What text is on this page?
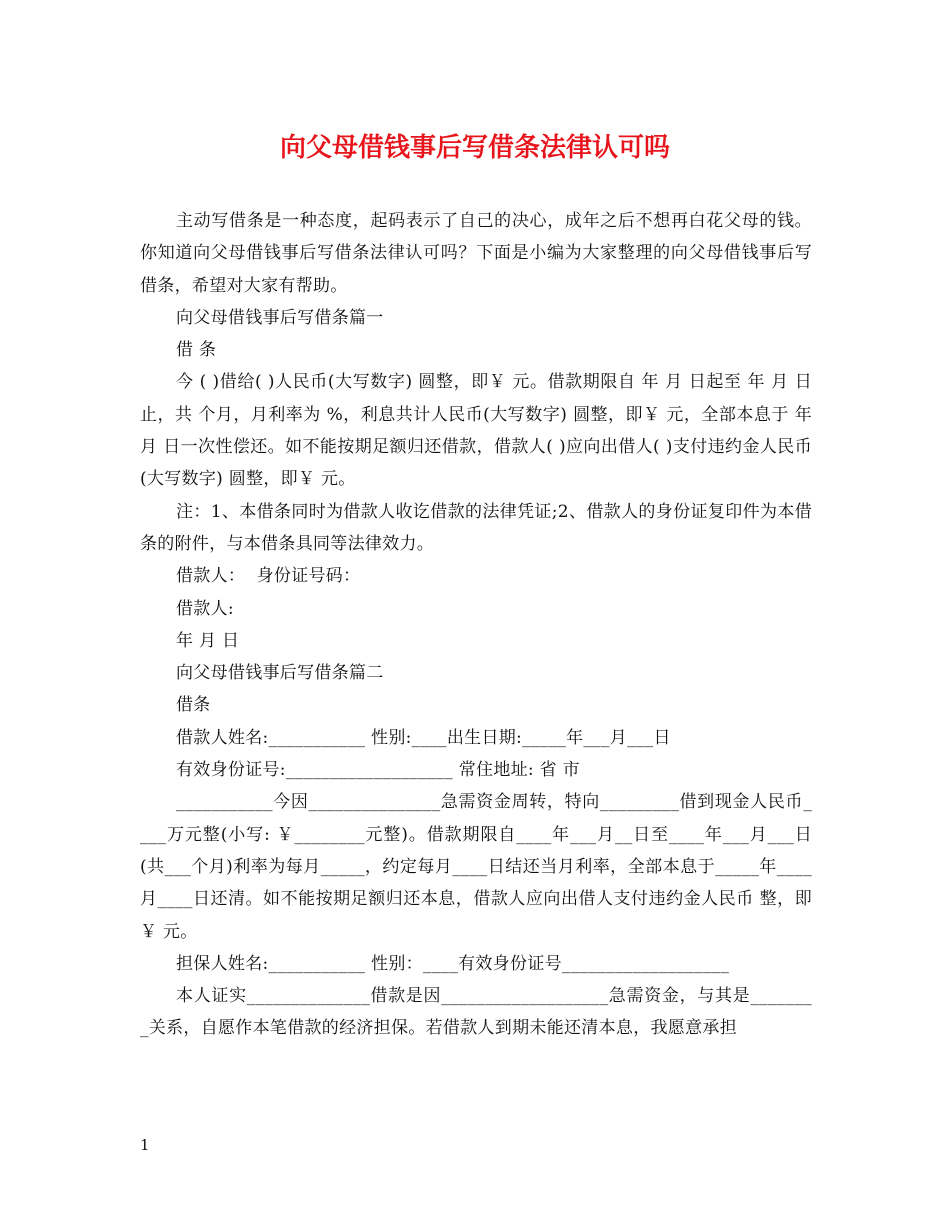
向父母借钱事后写借条法律认可吗

主动写借条是一种态度，起码表示了自己的决心，成年之后不想再白花父母的钱。你知道向父母借钱事后写借条法律认可吗？下面是小编为大家整理的向父母借钱事后写借条，希望对大家有帮助。

向父母借钱事后写借条篇一

借 条

今 ( )借给( )人民币(大写数字) 圆整，即￥ 元。借款期限自 年 月 日起至 年 月 日止，共 个月，月利率为 %，利息共计人民币(大写数字) 圆整，即￥ 元，全部本息于 年 月 日一次性偿还。如不能按期足额归还借款，借款人( )应向出借人( )支付违约金人民币(大写数字) 圆整，即￥ 元。

注：1、本借条同时为借款人收讫借款的法律凭证;2、借款人的身份证复印件为本借条的附件，与本借条具同等法律效力。

借款人：  身份证号码：

借款人:

年 月 日

向父母借钱事后写借条篇二

借条

借款人姓名:___________ 性别:____出生日期:_____年___月___日

有效身份证号:___________________ 常住地址: 省 市

___________今因_______________急需资金周转，特向_________借到现金人民币____万元整(小写: ￥________元整)。借款期限自____年___月__日至____年___月___日(共___个月)利率为每月_____，约定每月____日结还当月利率，全部本息于_____年____月____日还清。如不能按期足额归还本息，借款人应向出借人支付违约金人民币 整，即￥ 元。

担保人姓名:___________ 性别：____有效身份证号___________________

本人证实______________借款是因___________________急需资金，与其是________关系，自愿作本笔借款的经济担保。若借款人到期未能还清本息，我愿意承担

1
